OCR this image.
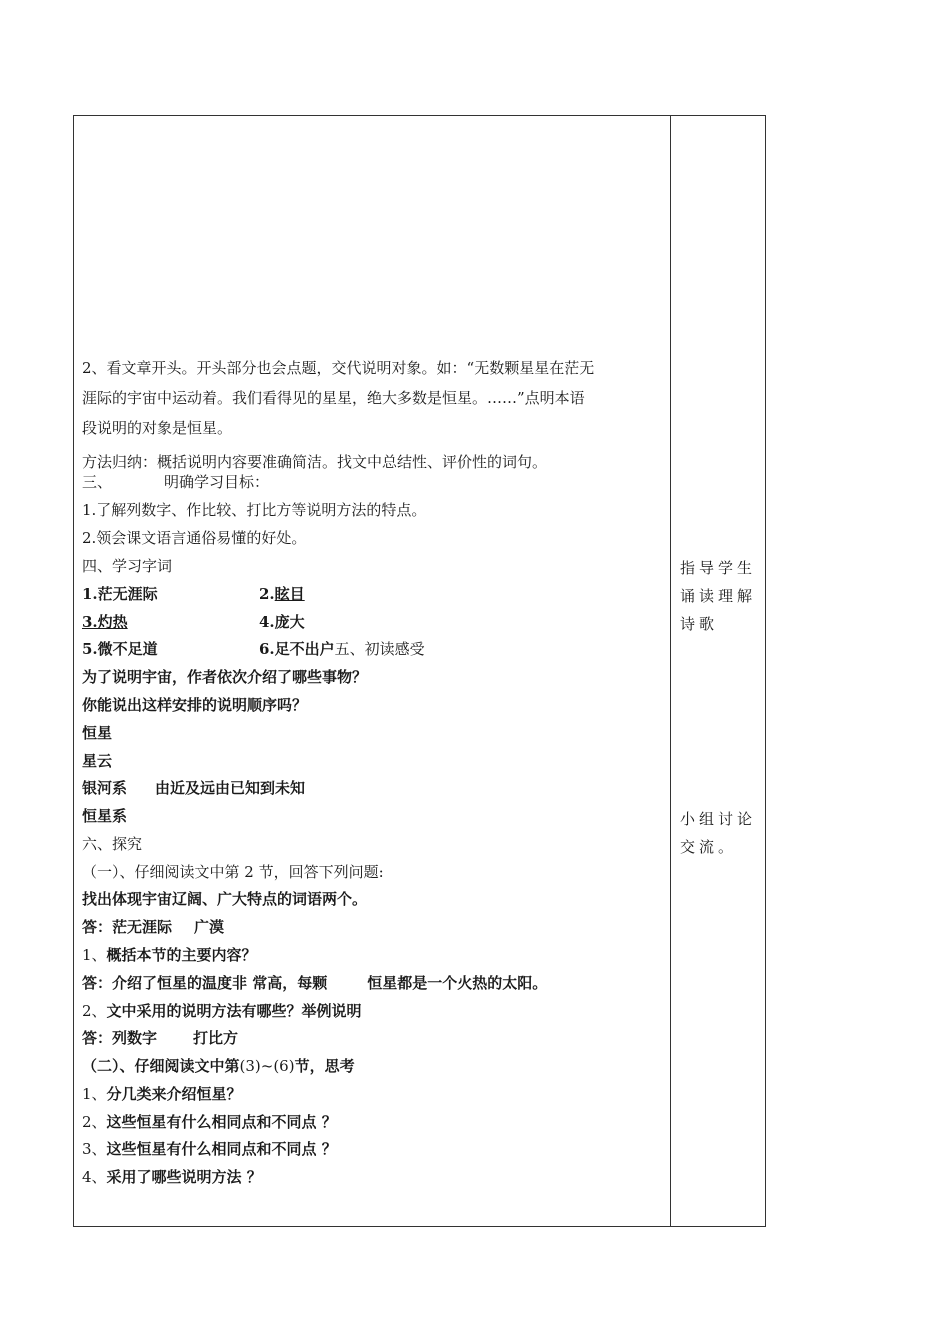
2、看文章开头。开头部分也会点题，交代说明对象。如：“无数颗星星在茫无
涯际的宇宙中运动着。我们看得见的星星，绝大多数是恒星。……”点明本语
段说明的对象是恒星。
方法归纳：概括说明内容要准确简洁。找文中总结性、评价性的词句。
三、	明确学习目标：
1.了解列数字、作比较、打比方等说明方法的特点。
2.领会课文语言通俗易懂的好处。
四、学习字词
1.茫无涯际	2.眩目
3.灼热	4.庞大
5.微不足道	6.足不出户五、初读感受
为了说明宇宙，作者依次介绍了哪些事物？
你能说出这样安排的说明顺序吗？
恒星
星云
银河系 由近及远由已知到未知
恒星系
六、探究
（一）、仔细阅读文中第 2 节，回答下列问题:
找出体现宇宙辽阔、广大特点的词语两个。
答：茫无涯际 广漠
1、概括本节的主要内容？
答：介绍了恒星的温度非 常高，每颗	恒星都是一个火热的太阳。
2、文中采用的说明方法有哪些？举例说明
答：列数字 打比方
（二）、仔细阅读文中第(3)~(6)节，思考
1、分几类来介绍恒星？
2、这些恒星有什么相同点和不同点 ？
3、这些恒星有什么相同点和不同点 ？
4、采用了哪些说明方法 ？
指导学生
诵读理解
诗歌
小组讨论
交流。
